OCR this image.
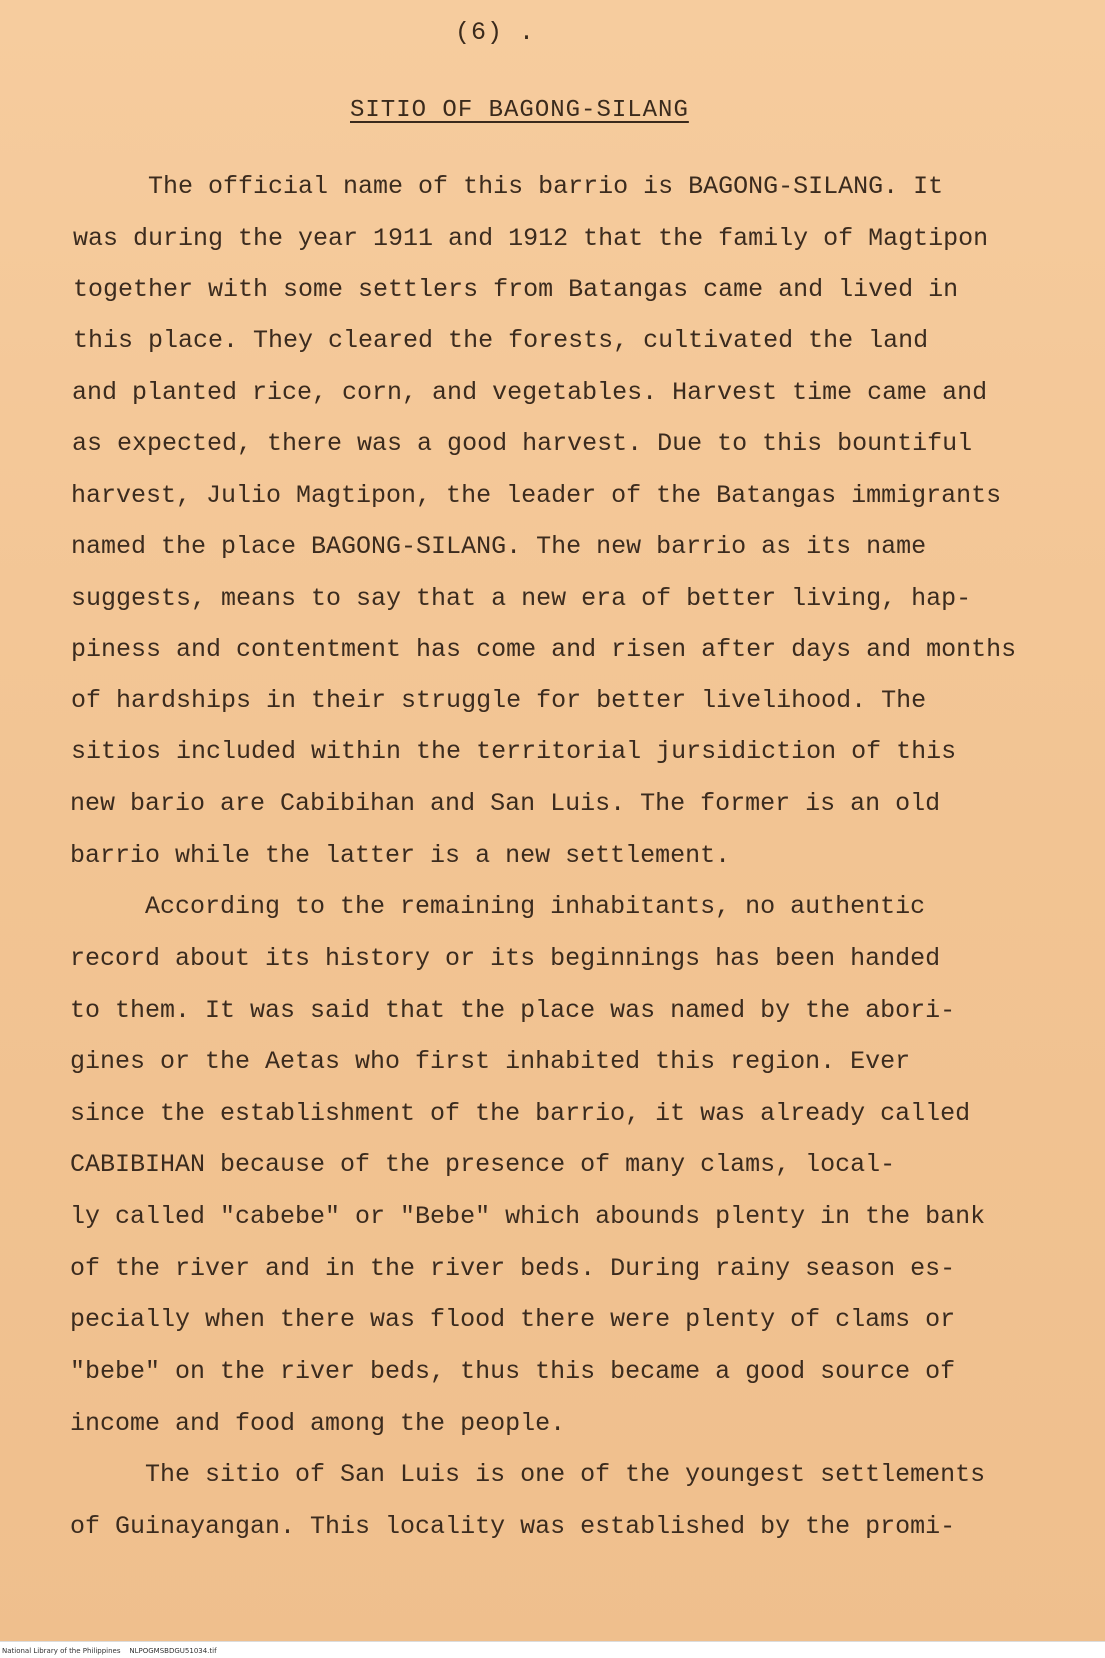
(6) .
SITIO OF BAGONG-SILANG
The official name of this barrio is BAGONG-SILANG. It
was during the year 1911 and 1912 that the family of Magtipon
together with some settlers from Batangas came and lived in
this place. They cleared the forests, cultivated the land
and planted rice, corn, and vegetables. Harvest time came and
as expected, there was a good harvest. Due to this bountiful
harvest, Julio Magtipon, the leader of the Batangas immigrants
named the place BAGONG-SILANG. The new barrio as its name
suggests, means to say that a new era of better living, hap-
piness and contentment has come and risen after days and months
of hardships in their struggle for better livelihood. The
sitios included within the territorial jursidiction of this
new bario are Cabibihan and San Luis. The former is an old
barrio while the latter is a new settlement.
According to the remaining inhabitants, no authentic
record about its history or its beginnings has been handed
to them. It was said that the place was named by the abori-
gines or the Aetas who first inhabited this region. Ever
since the establishment of the barrio, it was already called
CABIBIHAN because of the presence of many clams, local-
ly called "cabebe" or "Bebe" which abounds plenty in the bank
of the river and in the river beds. During rainy season es-
pecially when there was flood there were plenty of clams or
"bebe" on the river beds, thus this became a good source of
income and food among the people.
The sitio of San Luis is one of the youngest settlements
of Guinayangan. This locality was established by the promi-
National Library of the Philippines    NLPOGMSBDGU51034.tif
